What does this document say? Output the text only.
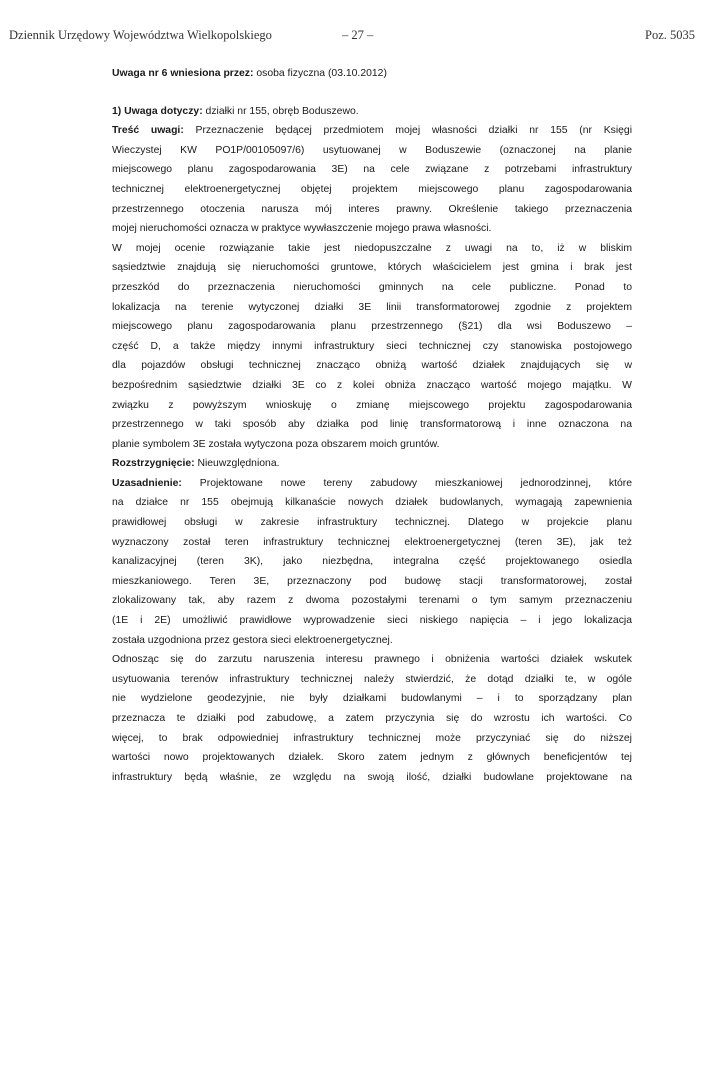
Dziennik Urzędowy Województwa Wielkopolskiego	– 27 –	Poz. 5035

Uwaga nr 6 wniesiona przez: osoba fizyczna (03.10.2012)

1) Uwaga dotyczy: działki nr 155, obręb Boduszewo.

Treść uwagi: Przeznaczenie będącej przedmiotem mojej własności działki nr 155 (nr Księgi
Wieczystej KW PO1P/00105097/6) usytuowanej w Boduszewie (oznaczonej na planie
miejscowego planu zagospodarowania 3E) na cele związane z potrzebami infrastruktury
technicznej elektroenergetycznej objętej projektem miejscowego planu zagospodarowania
przestrzennego otoczenia narusza mój interes prawny. Określenie takiego przeznaczenia
mojej nieruchomości oznacza w praktyce wywłaszczenie mojego prawa własności.
W mojej ocenie rozwiązanie takie jest niedopuszczalne z uwagi na to, iż w bliskim
sąsiedztwie znajdują się nieruchomości gruntowe, których właścicielem jest gmina i brak jest
przeszkód do przeznaczenia nieruchomości gminnych na cele publiczne. Ponad to
lokalizacja na terenie wytyczonej działki 3E linii transformatorowej zgodnie z projektem
miejscowego planu zagospodarowania planu przestrzennego (§21) dla wsi Boduszewo –
część D, a także między innymi infrastruktury sieci technicznej czy stanowiska postojowego
dla pojazdów obsługi technicznej znacząco obniżą wartość działek znajdujących się w
bezpośrednim sąsiedztwie działki 3E co z kolei obniża znacząco wartość mojego majątku. W
związku z powyższym wnioskuję o zmianę miejscowego projektu zagospodarowania
przestrzennego w taki sposób aby działka pod linię transformatorową i inne oznaczona na
planie symbolem 3E została wytyczona poza obszarem moich gruntów.

Rozstrzygnięcie: Nieuwzględniona.

Uzasadnienie: Projektowane nowe tereny zabudowy mieszkaniowej jednorodzinnej, które
na działce nr 155 obejmują kilkanaście nowych działek budowlanych, wymagają zapewnienia
prawidłowej obsługi w zakresie infrastruktury technicznej. Dlatego w projekcie planu
wyznaczony został teren infrastruktury technicznej elektroenergetycznej (teren 3E), jak też
kanalizacyjnej (teren 3K), jako niezbędna, integralna część projektowanego osiedla
mieszkaniowego. Teren 3E, przeznaczony pod budowę stacji transformatorowej, został
zlokalizowany tak, aby razem z dwoma pozostałymi terenami o tym samym przeznaczeniu
(1E i 2E) umożliwić prawidłowe wyprowadzenie sieci niskiego napięcia – i jego lokalizacja
została uzgodniona przez gestora sieci elektroenergetycznej.
Odnosząc się do zarzutu naruszenia interesu prawnego i obniżenia wartości działek wskutek
usytuowania terenów infrastruktury technicznej należy stwierdzić, że dotąd działki te, w ogóle
nie wydzielone geodezyjnie, nie były działkami budowlanymi – i to sporządzany plan
przeznacza te działki pod zabudowę, a zatem przyczynia się do wzrostu ich wartości. Co
więcej, to brak odpowiedniej infrastruktury technicznej może przyczyniać się do niższej
wartości nowo projektowanych działek. Skoro zatem jednym z głównych beneficjentów tej
infrastruktury będą właśnie, ze względu na swoją ilość, działki budowlane projektowane na
